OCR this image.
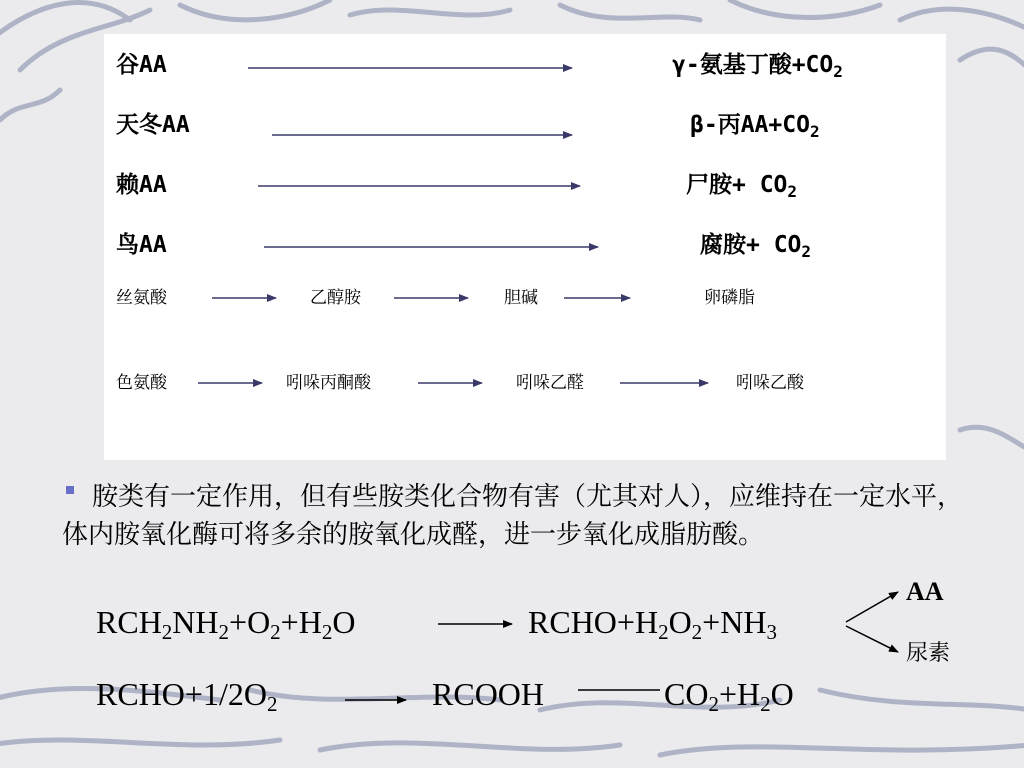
谷AA	γ-氨基丁酸$+CO_2$
天冬AA	β-丙$AA+CO_2$
赖AA	尸胺+ $CO_2$
鸟AA	腐胺+ $CO_2$
丝氨酸	乙醇胺	胆碱	卵磷脂
色氨酸	吲哚丙酮酸	吲哚乙醛	吲哚乙酸
胺类有一定作用，但有些胺类化合物有害（尤其对人），应维持在一定水平，体内胺氧化酶可将多余的胺氧化成醛，进一步氧化成脂肪酸。
$RCH_2NH_2+O_2+H_2O$	$RCHO+H_2O_2+NH_3$
AA
尿素
$RCHO+1/2O_2$	RCOOH	$CO_2+H_2O$
